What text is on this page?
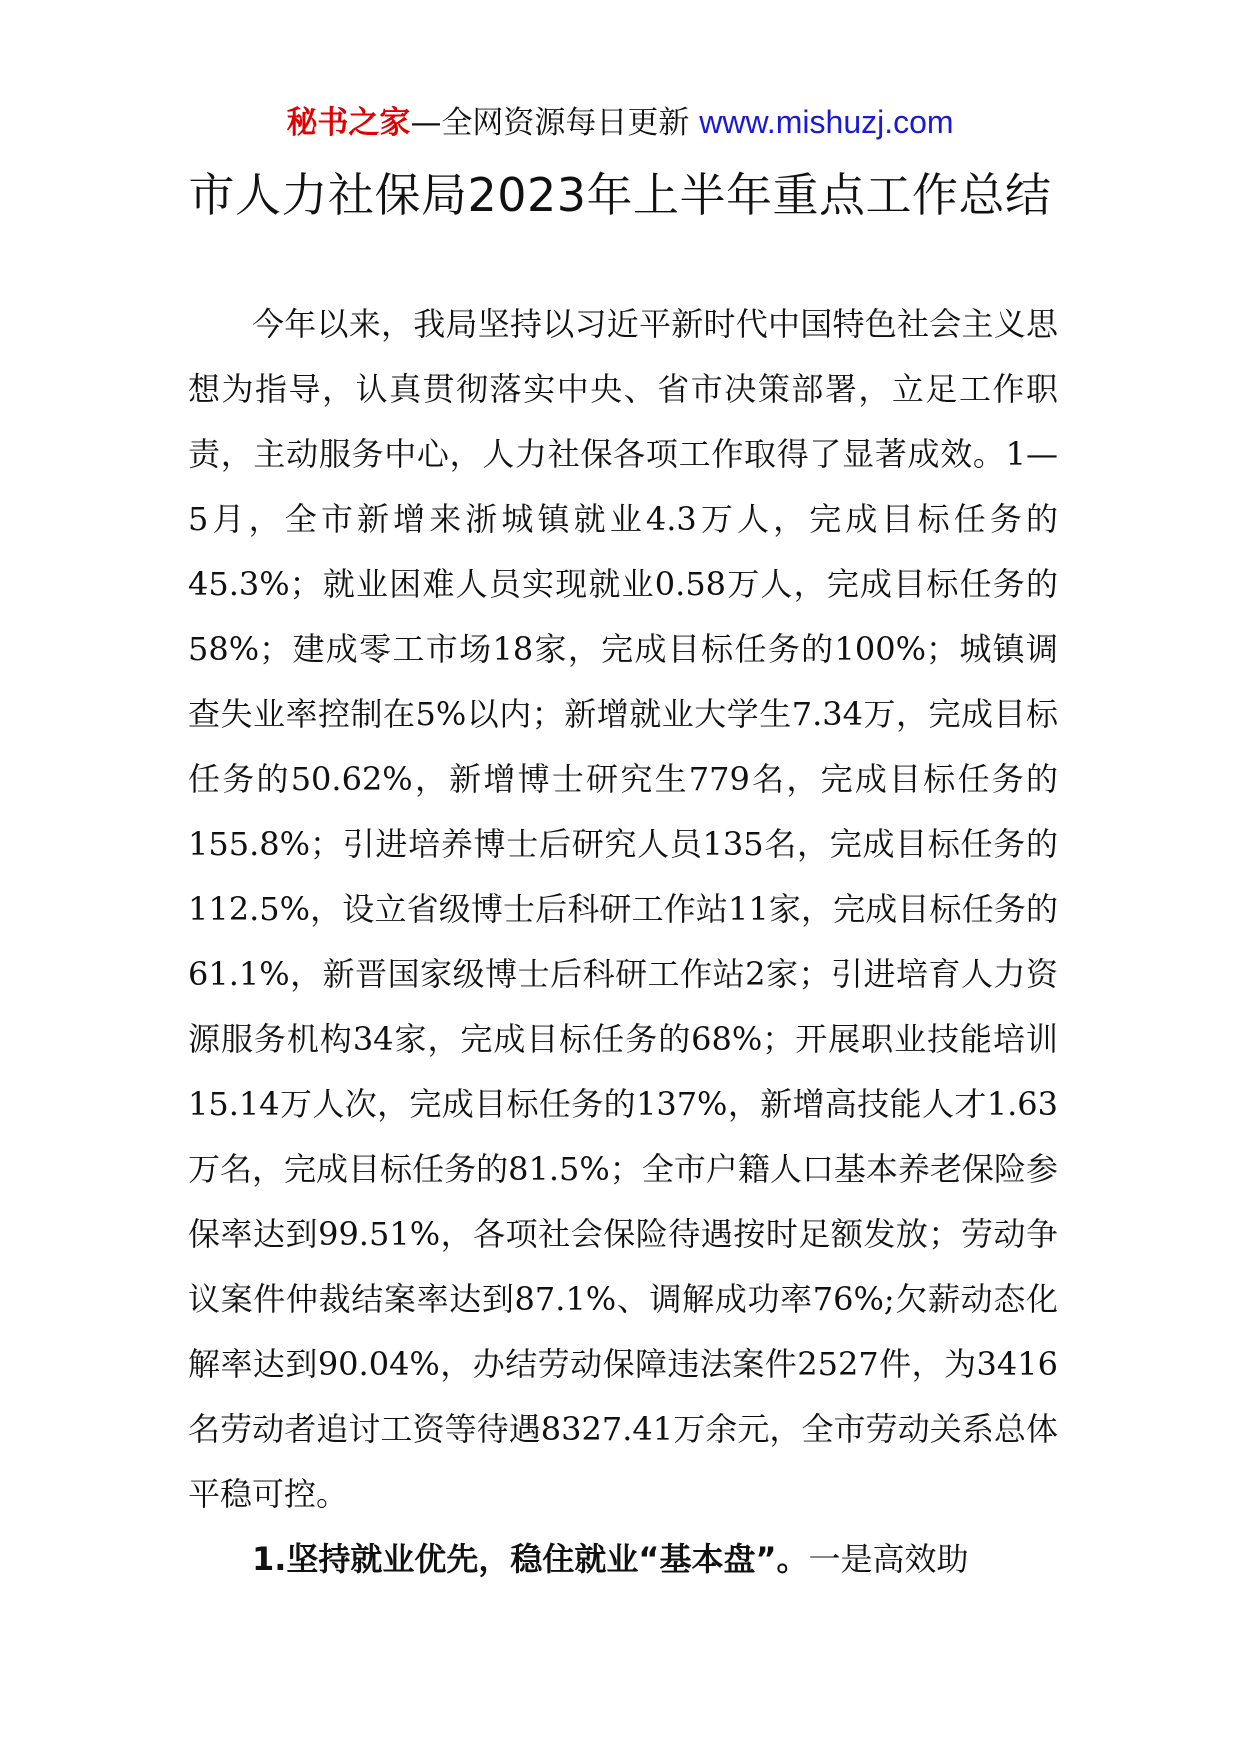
秘书之家—全网资源每日更新 www.mishuzj.com
市人力社保局2023年上半年重点工作总结

今年以来，我局坚持以习近平新时代中国特色社会主义思想为指导，认真贯彻落实中央、省市决策部署，立足工作职责，主动服务中心，人力社保各项工作取得了显著成效。1—5月，全市新增来浙城镇就业4.3万人，完成目标任务的45.3%；就业困难人员实现就业0.58万人，完成目标任务的58%；建成零工市场18家，完成目标任务的100%；城镇调查失业率控制在5%以内；新增就业大学生7.34万，完成目标任务的50.62%，新增博士研究生779名，完成目标任务的155.8%；引进培养博士后研究人员135名，完成目标任务的112.5%，设立省级博士后科研工作站11家，完成目标任务的61.1%，新晋国家级博士后科研工作站2家；引进培育人力资源服务机构34家，完成目标任务的68%；开展职业技能培训15.14万人次，完成目标任务的137%，新增高技能人才1.63万名，完成目标任务的81.5%；全市户籍人口基本养老保险参保率达到99.51%，各项社会保险待遇按时足额发放；劳动争议案件仲裁结案率达到87.1%、调解成功率76%;欠薪动态化解率达到90.04%，办结劳动保障违法案件2527件，为3416名劳动者追讨工资等待遇8327.41万余元，全市劳动关系总体平稳可控。

1.坚持就业优先，稳住就业“基本盘”。一是高效助
